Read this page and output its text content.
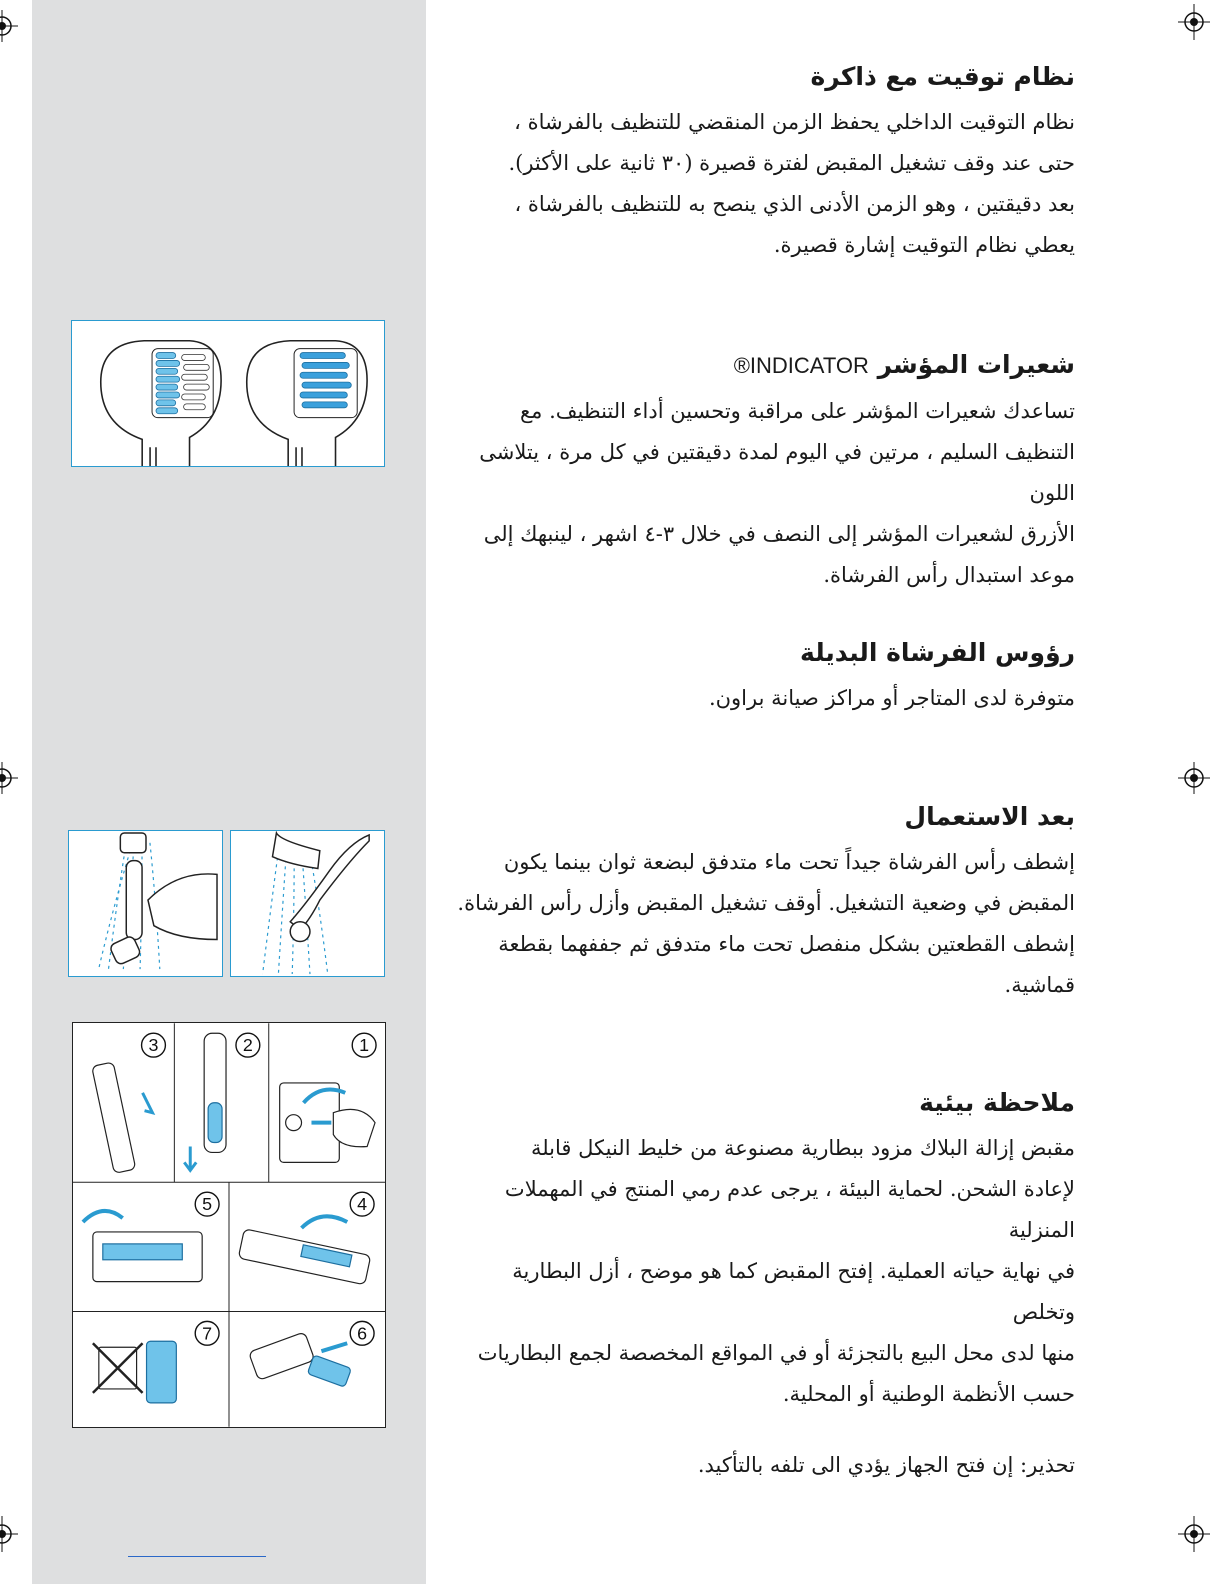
1
2
3
4
5
6
7
نظام توقيت مع ذاكرة

نظام التوقيت الداخلي يحفظ الزمن المنقضي للتنظيف بالفرشاة ،

حتى عند وقف تشغيل المقبض لفترة قصيرة (٣٠ ثانية على الأكثر).

بعد دقيقتين ، وهو الزمن الأدنى الذي ينصح به للتنظيف بالفرشاة ،

يعطي نظام التوقيت إشارة قصيرة.

شعيرات المؤشر INDICATOR®

تساعدك شعيرات المؤشر على مراقبة وتحسين أداء التنظيف. مع

التنظيف السليم ، مرتين في اليوم لمدة دقيقتين في كل مرة ، يتلاشى اللون

الأزرق لشعيرات المؤشر إلى النصف في خلال ٣-٤ اشهر ، لينبهك إلى

موعد استبدال رأس الفرشاة.

رؤوس الفرشاة البديلة

متوفرة لدى المتاجر أو مراكز صيانة براون.

بعد الاستعمال

إشطف رأس الفرشاة جيداً تحت ماء متدفق لبضعة ثوان بينما يكون

المقبض في وضعية التشغيل. أوقف تشغيل المقبض وأزل رأس الفرشاة.

إشطف القطعتين بشكل منفصل تحت ماء متدفق ثم جففهما بقطعة

قماشية.

ملاحظة بيئية

مقبض إزالة البلاك مزود ببطارية مصنوعة من خليط النيكل قابلة

لإعادة الشحن. لحماية البيئة ، يرجى عدم رمي المنتج في المهملات المنزلية

في نهاية حياته العملية. إفتح المقبض كما هو موضح ، أزل البطارية وتخلص

منها لدى محل البيع بالتجزئة أو في المواقع المخصصة لجمع البطاريات

حسب الأنظمة الوطنية أو المحلية.

تحذير: إن فتح الجهاز يؤدي الى تلفه بالتأكيد.
